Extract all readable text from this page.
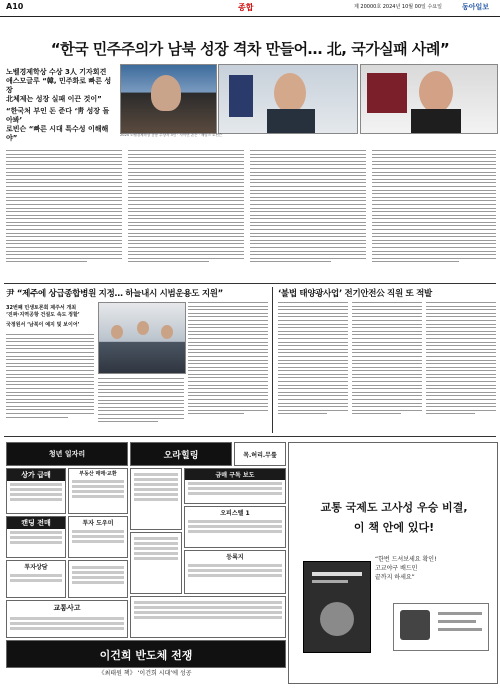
A10	종합	제 20000호 2024년 10월 00일 수요일	동아일보
“한국 민주주의가 남북 성장 격차 만들어… 北, 국가실패 사례”
노벨경제학상 수상 3人 기자회견
애스모글루 “韓, 민주화로 빠른 성장
北체제는 성장 실패 이끈 것이”
“한국처 부인 돈 준다 ‘靑 성장 돌아봐’
로빈슨 “빠른 시대 특수성 이해해야”	2024 노벨경제학상 공동 수상자 3인 · 사이먼 존슨 · 제임스 로빈슨
尹 “제주에 상급종합병원 지정… 하늘내시 시범운용도 지원”
32번째 민생토론회 제주서 개최
‘진짜·지역공항 건설도 속도 정할’
국정원서 ‘남북이 예지 및 보이어’
‘불법 태양광사업’ 전기안전公 직원 또 적발
청년 일자리
상가 급매	부동산 매매·교환
캔딩 전매	투자 도우미
투자상담
교통사고
오라힐링	목.허리.무릎
금매 구독 보도
오피스텔 1
등록지
이건희 반도체 전쟁
《최태원 책》 ‘이건희 시대’에 성공
교통 국제도 고사성 우승 비결,
이 책 안에 있다!
“한번 드셔보세요 확인!
고교야구 배드민
끝까지 하세요”
